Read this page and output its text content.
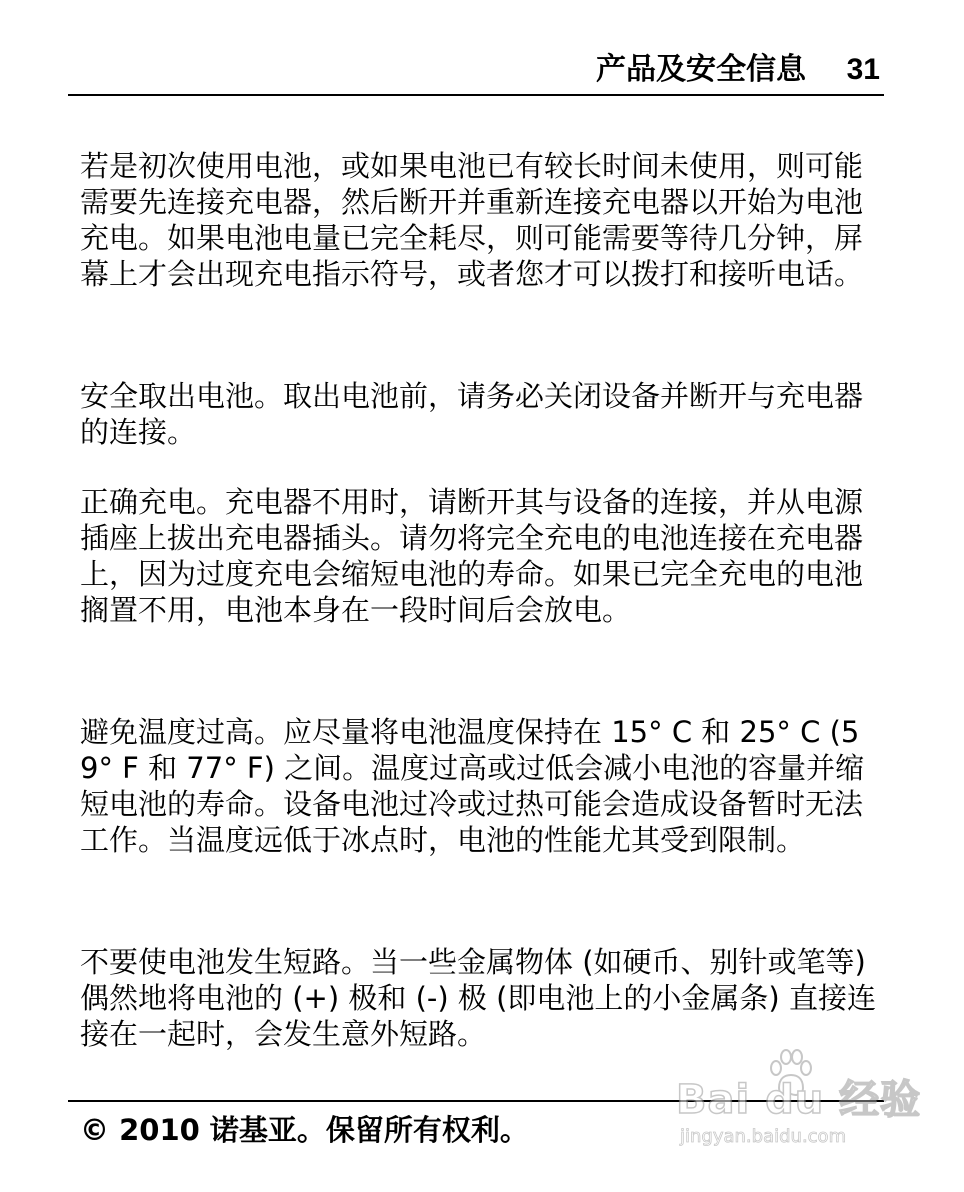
产品及安全信息 31

若是初次使用电池，或如果电池已有较长时间未使用，则可能需要先连接充电器，然后断开并重新连接充电器以开始为电池充电。如果电池电量已完全耗尽，则可能需要等待几分钟，屏幕上才会出现充电指示符号，或者您才可以拨打和接听电话。

安全取出电池。取出电池前，请务必关闭设备并断开与充电器的连接。

正确充电。充电器不用时，请断开其与设备的连接，并从电源插座上拔出充电器插头。请勿将完全充电的电池连接在充电器上，因为过度充电会缩短电池的寿命。如果已完全充电的电池搁置不用，电池本身在一段时间后会放电。

避免温度过高。应尽量将电池温度保持在 15° C 和 25° C (59° F 和 77° F) 之间。温度过高或过低会减小电池的容量并缩短电池的寿命。设备电池过冷或过热可能会造成设备暂时无法工作。当温度远低于冰点时，电池的性能尤其受到限制。

不要使电池发生短路。当一些金属物体 (如硬币、别针或笔等) 偶然地将电池的 (+) 极和 (-) 极 (即电池上的小金属条) 直接连接在一起时，会发生意外短路。

© 2010 诺基亚。保留所有权利。
Bai du 经验
jingyan.baidu.com
